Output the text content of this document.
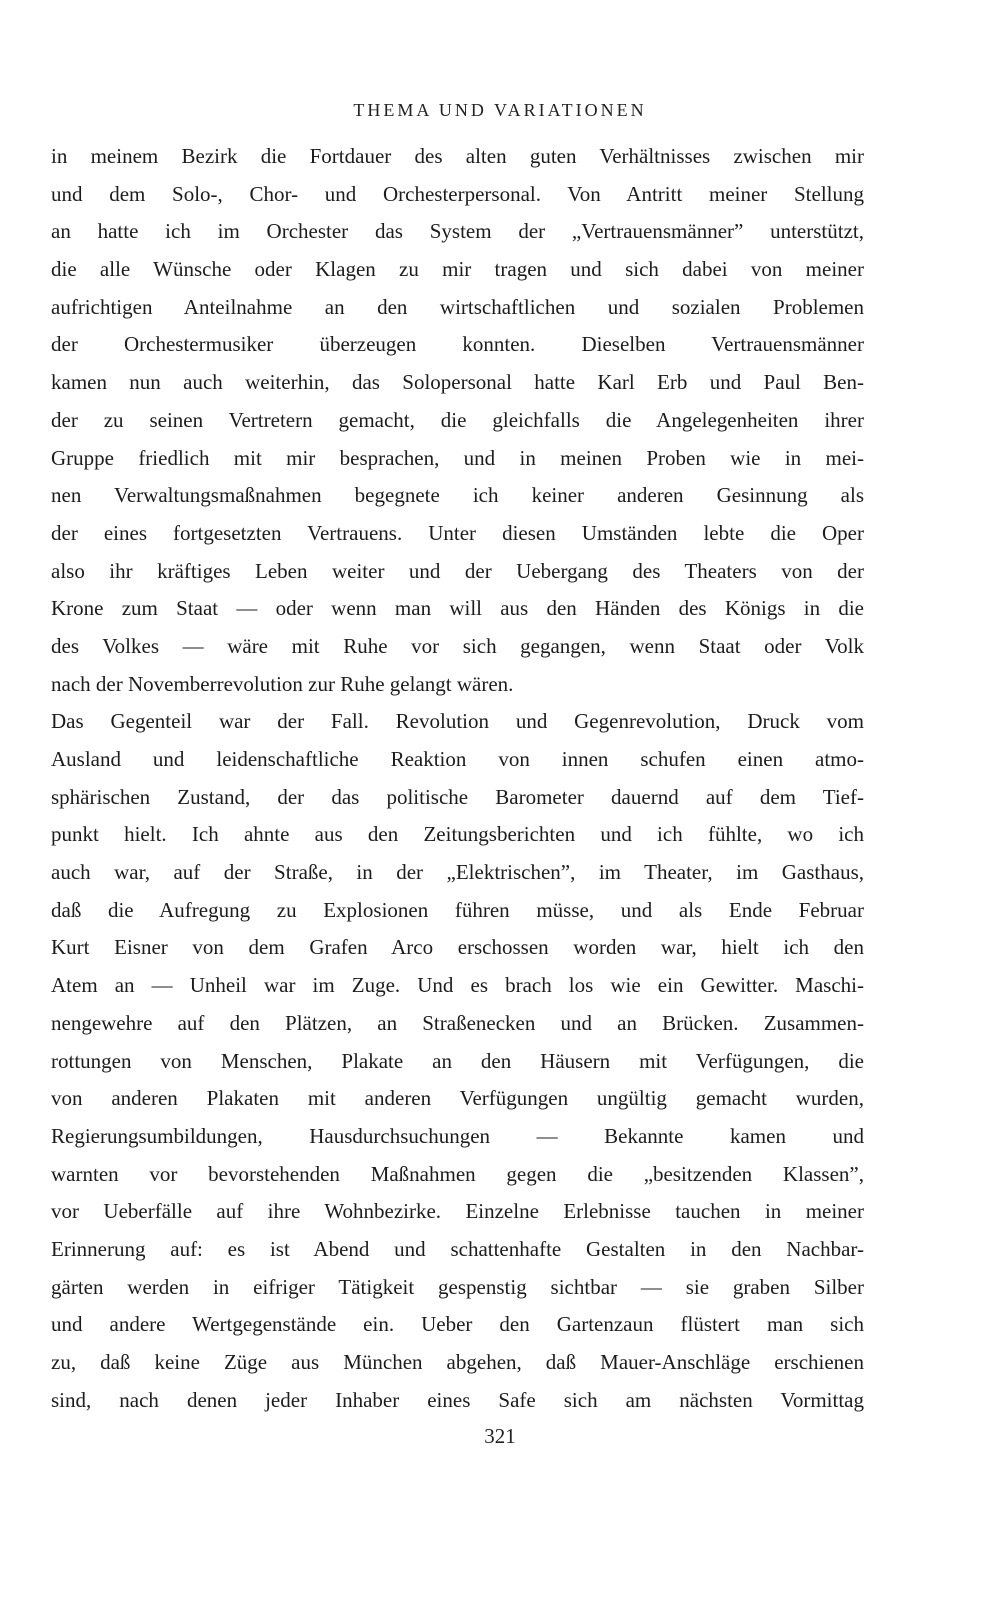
THEMA UND VARIATIONEN
in meinem Bezirk die Fortdauer des alten guten Verhältnisses zwischen mir
und dem Solo-, Chor- und Orchesterpersonal. Von Antritt meiner Stellung
an hatte ich im Orchester das System der „Vertrauensmänner” unterstützt,
die alle Wünsche oder Klagen zu mir tragen und sich dabei von meiner
aufrichtigen Anteilnahme an den wirtschaftlichen und sozialen Problemen
der Orchestermusiker überzeugen konnten. Dieselben Vertrauensmänner
kamen nun auch weiterhin, das Solopersonal hatte Karl Erb und Paul Ben-
der zu seinen Vertretern gemacht, die gleichfalls die Angelegenheiten ihrer
Gruppe friedlich mit mir besprachen, und in meinen Proben wie in mei-
nen Verwaltungsmaßnahmen begegnete ich keiner anderen Gesinnung als
der eines fortgesetzten Vertrauens. Unter diesen Umständen lebte die Oper
also ihr kräftiges Leben weiter und der Uebergang des Theaters von der
Krone zum Staat — oder wenn man will aus den Händen des Königs in die
des Volkes — wäre mit Ruhe vor sich gegangen, wenn Staat oder Volk
nach der Novemberrevolution zur Ruhe gelangt wären.
Das Gegenteil war der Fall. Revolution und Gegenrevolution, Druck vom
Ausland und leidenschaftliche Reaktion von innen schufen einen atmo-
sphärischen Zustand, der das politische Barometer dauernd auf dem Tief-
punkt hielt. Ich ahnte aus den Zeitungsberichten und ich fühlte, wo ich
auch war, auf der Straße, in der „Elektrischen”, im Theater, im Gasthaus,
daß die Aufregung zu Explosionen führen müsse, und als Ende Februar
Kurt Eisner von dem Grafen Arco erschossen worden war, hielt ich den
Atem an — Unheil war im Zuge. Und es brach los wie ein Gewitter. Maschi-
nengewehre auf den Plätzen, an Straßenecken und an Brücken. Zusammen-
rottungen von Menschen, Plakate an den Häusern mit Verfügungen, die
von anderen Plakaten mit anderen Verfügungen ungültig gemacht wurden,
Regierungsumbildungen, Hausdurchsuchungen — Bekannte kamen und
warnten vor bevorstehenden Maßnahmen gegen die „besitzenden Klassen”,
vor Ueberfälle auf ihre Wohnbezirke. Einzelne Erlebnisse tauchen in meiner
Erinnerung auf: es ist Abend und schattenhafte Gestalten in den Nachbar-
gärten werden in eifriger Tätigkeit gespenstig sichtbar — sie graben Silber
und andere Wertgegenstände ein. Ueber den Gartenzaun flüstert man sich
zu, daß keine Züge aus München abgehen, daß Mauer-Anschläge erschienen
sind, nach denen jeder Inhaber eines Safe sich am nächsten Vormittag
321
